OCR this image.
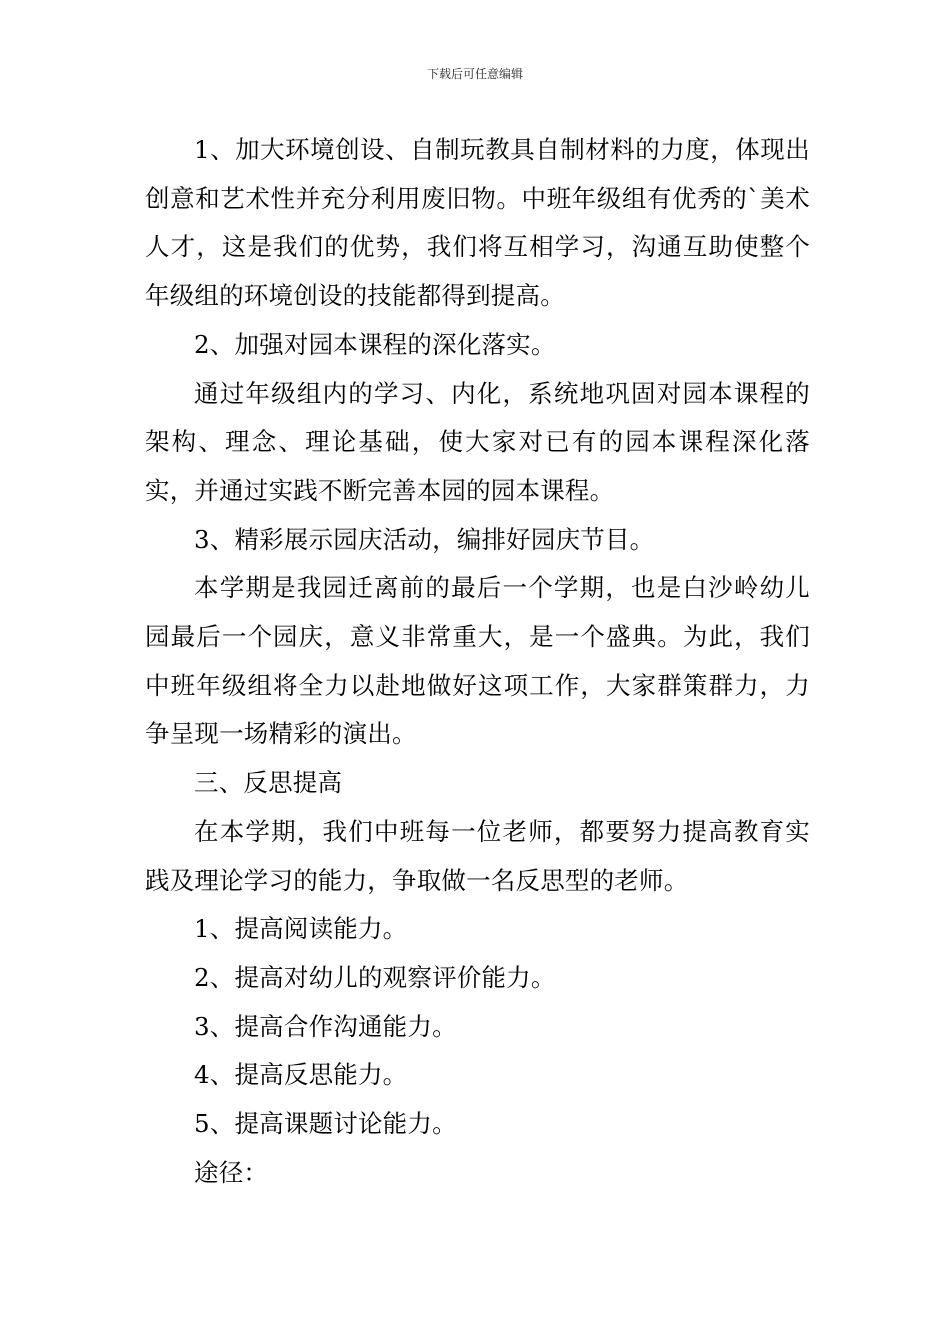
下载后可任意编辑

1、加大环境创设、自制玩教具自制材料的力度，体现出创意和艺术性并充分利用废旧物。中班年级组有优秀的`美术人才，这是我们的优势，我们将互相学习，沟通互助使整个年级组的环境创设的技能都得到提高。

2、加强对园本课程的深化落实。

通过年级组内的学习、内化，系统地巩固对园本课程的架构、理念、理论基础，使大家对已有的园本课程深化落实，并通过实践不断完善本园的园本课程。

3、精彩展示园庆活动，编排好园庆节目。

本学期是我园迁离前的最后一个学期，也是白沙岭幼儿园最后一个园庆，意义非常重大，是一个盛典。为此，我们中班年级组将全力以赴地做好这项工作，大家群策群力，力争呈现一场精彩的演出。

三、反思提高

在本学期，我们中班每一位老师，都要努力提高教育实践及理论学习的能力，争取做一名反思型的老师。

1、提高阅读能力。

2、提高对幼儿的观察评价能力。

3、提高合作沟通能力。

4、提高反思能力。

5、提高课题讨论能力。

途径：
